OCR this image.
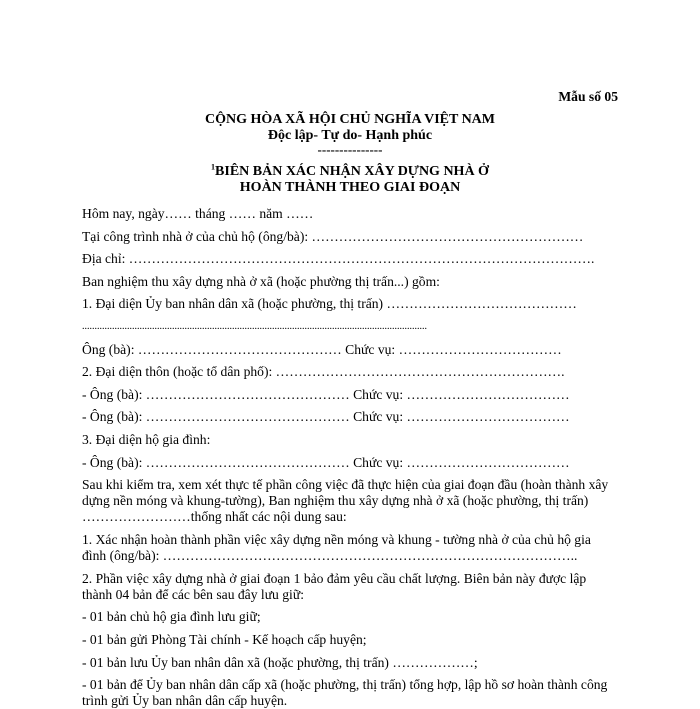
Mẫu số 05
CỘNG HÒA XÃ HỘI CHỦ NGHĨA VIỆT NAM
Độc lập- Tự do- Hạnh phúc
---------------
$^1$BIÊN BẢN XÁC NHẬN XÂY DỰNG NHÀ Ở
HOÀN THÀNH THEO GIAI ĐOẠN
Hôm nay, ngày…… tháng …… năm ……
Tại công trình nhà ở của chủ hộ (ông/bà): ……………………………………………………
Địa chỉ: ………………………………………………………………………………………….
Ban nghiệm thu xây dựng nhà ở xã (hoặc phường thị trấn...) gồm:
1. Đại diện Ủy ban nhân dân xã (hoặc phường, thị trấn) ……………………………………
..........................................................................................................................................
Ông (bà): ……………………………………… Chức vụ: ………………………………
2. Đại diện thôn (hoặc tổ dân phố): ……………………………………………………….
- Ông (bà): ……………………………………… Chức vụ: ………………………………
- Ông (bà): ……………………………………… Chức vụ: ………………………………
3. Đại diện hộ gia đình:
- Ông (bà): ……………………………………… Chức vụ: ………………………………
Sau khi kiểm tra, xem xét thực tế phần công việc đã thực hiện của giai đoạn đầu (hoàn thành xây
dựng nền móng và khung-tường), Ban nghiệm thu xây dựng nhà ở xã (hoặc phường, thị trấn)
……………………thống nhất các nội dung sau:
1. Xác nhận hoàn thành phần việc xây dựng nền móng và khung - tường nhà ở của chủ hộ gia
đình (ông/bà): ………………………………………………………………………………..
2. Phần việc xây dựng nhà ở giai đoạn 1 bảo đảm yêu cầu chất lượng. Biên bản này được lập
thành 04 bản để các bên sau đây lưu giữ:
- 01 bản chủ hộ gia đình lưu giữ;
- 01 bản gửi Phòng Tài chính - Kế hoạch cấp huyện;
- 01 bản lưu Ủy ban nhân dân xã (hoặc phường, thị trấn) ………………;
- 01 bản để Ủy ban nhân dân cấp xã (hoặc phường, thị trấn) tổng hợp, lập hồ sơ hoàn thành công
trình gửi Ủy ban nhân dân cấp huyện.
